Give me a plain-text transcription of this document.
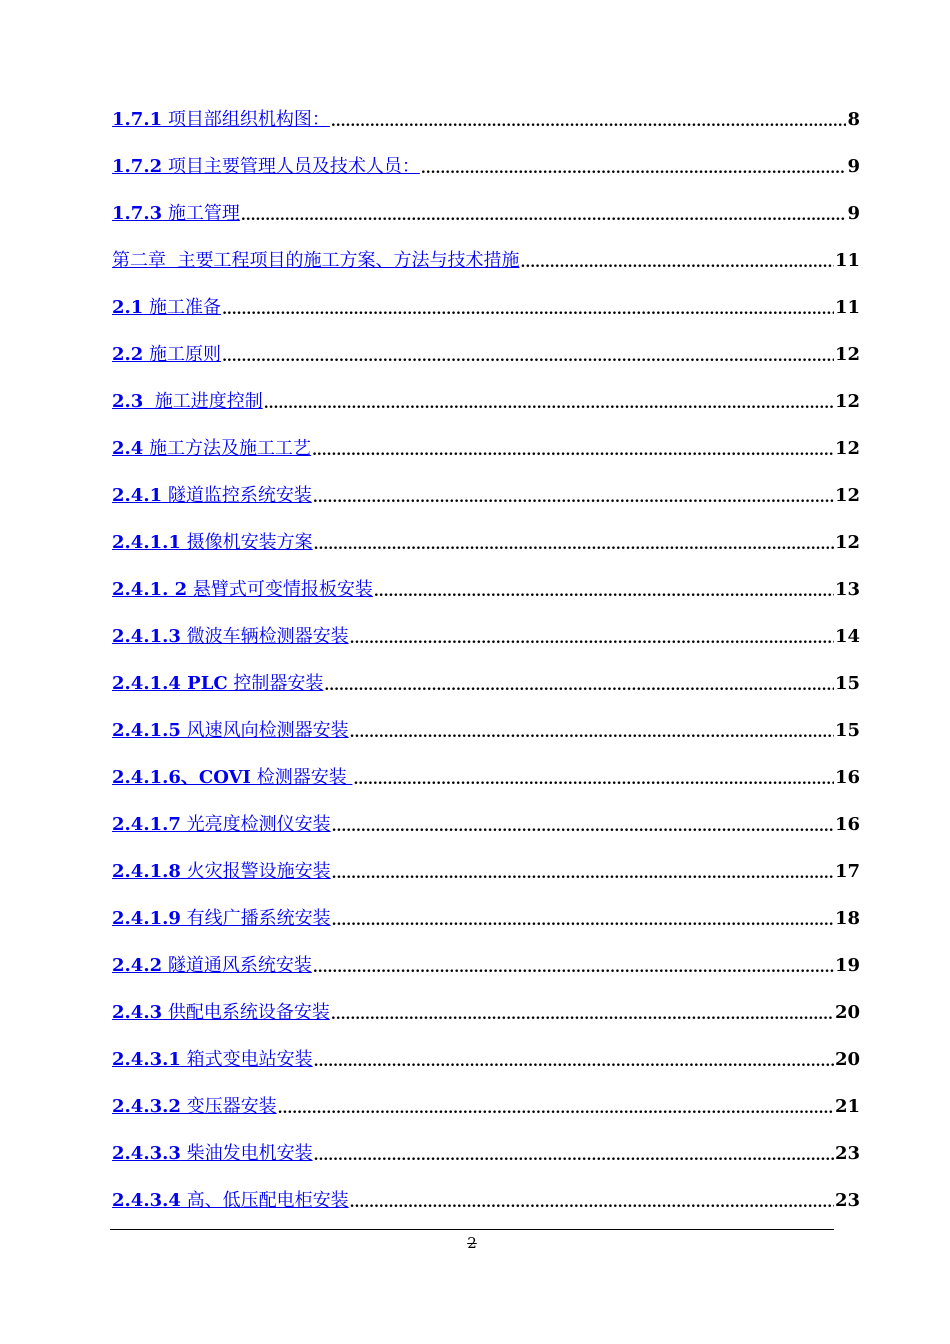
1.7.1 项目部组织机构图： .....	8
1.7.2 项目主要管理人员及技术人员： .....	9
1.7.3 施工管理 .....	9
第二章  主要工程项目的施工方案、方法与技术措施 .....	11
2.1 施工准备 .....	11
2.2 施工原则 .....	12
2.3  施工进度控制 .....	12
2.4 施工方法及施工工艺 .....	12
2.4.1 隧道监控系统安装 .....	12
2.4.1.1 摄像机安装方案 .....	12
2.4.1. 2 悬臂式可变情报板安装 .....	13
2.4.1.3 微波车辆检测器安装 .....	14
2.4.1.4 PLC 控制器安装 .....	15
2.4.1.5 风速风向检测器安装 .....	15
2.4.1.6、COVI 检测器安装 .....	16
2.4.1.7 光亮度检测仪安装 .....	16
2.4.1.8 火灾报警设施安装 .....	17
2.4.1.9 有线广播系统安装 .....	18
2.4.2 隧道通风系统安装 .....	19
2.4.3 供配电系统设备安装 .....	20
2.4.3.1 箱式变电站安装 .....	20
2.4.3.2 变压器安装 .....	21
2.4.3.3 柴油发电机安装 .....	23
2.4.3.4 高、低压配电柜安装 .....	23
2
